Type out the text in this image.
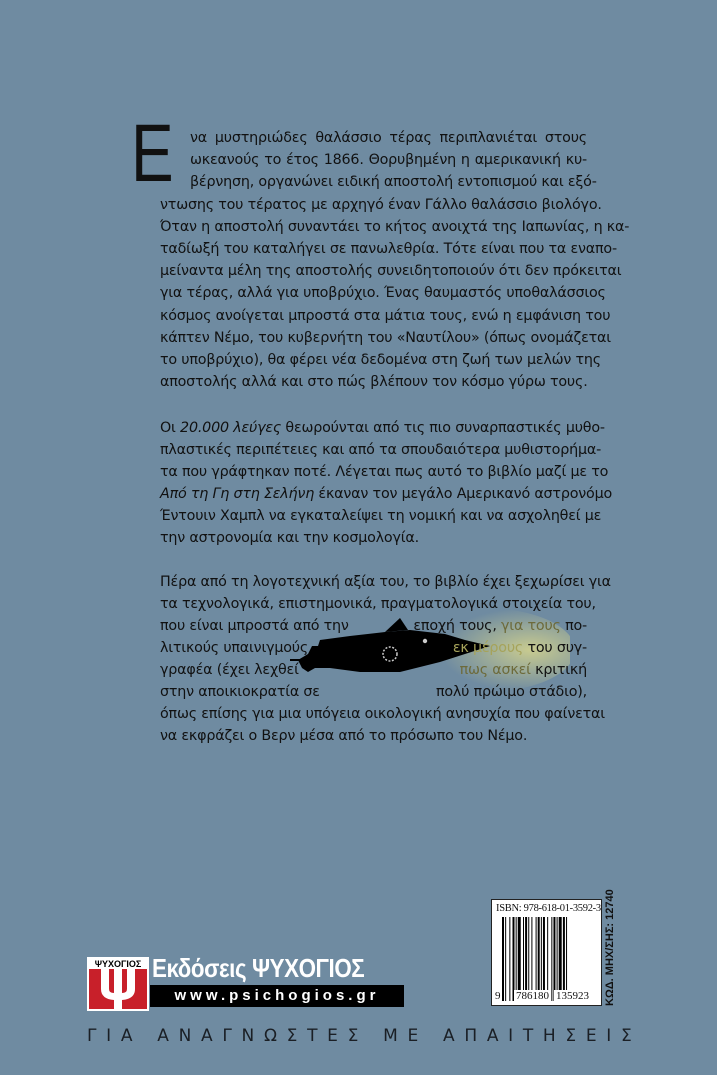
Ε να μυστηριώδες θαλάσσιο τέρας περιπλανιέται στους
ωκεανούς το έτος 1866. Θορυβημένη η αμερικανική κυ-
βέρνηση, οργανώνει ειδική αποστολή εντοπισμού και εξό-
ντωσης του τέρατος με αρχηγό έναν Γάλλο θαλάσσιο βιολόγο.
Όταν η αποστολή συναντάει το κήτος ανοιχτά της Ιαπωνίας, η κα-
ταδίωξή του καταλήγει σε πανωλεθρία. Τότε είναι που τα εναπο-
μείναντα μέλη της αποστολής συνειδητοποιούν ότι δεν πρόκειται
για τέρας, αλλά για υποβρύχιο. Ένας θαυμαστός υποθαλάσσιος
κόσμος ανοίγεται μπροστά στα μάτια τους, ενώ η εμφάνιση του
κάπτεν Νέμο, του κυβερνήτη του «Ναυτίλου» (όπως ονομάζεται
το υποβρύχιο), θα φέρει νέα δεδομένα στη ζωή των μελών της
αποστολής αλλά και στο πώς βλέπουν τον κόσμο γύρω τους.
Οι 20.000 λεύγες θεωρούνται από τις πιο συναρπαστικές μυθο-
πλαστικές περιπέτειες και από τα σπουδαιότερα μυθιστορήμα-
τα που γράφτηκαν ποτέ. Λέγεται πως αυτό το βιβλίο μαζί με το
Από τη Γη στη Σελήνη έκαναν τον μεγάλο Αμερικανό αστρονόμο
Έντουιν Χαμπλ να εγκαταλείψει τη νομική και να ασχοληθεί με
την αστρονομία και την κοσμολογία.
Πέρα από τη λογοτεχνική αξία του, το βιβλίο έχει ξεχωρίσει για
τα τεχνολογικά, επιστημονικά, πραγματολογικά στοιχεία του,
που είναι μπροστά από την	εποχή τους, για τους πο-
λιτικούς υπαινιγμούς	εκ μέρους του συγ-
γραφέα (έχει λεχθεί	πως ασκεί κριτική
στην αποικιοκρατία σε	πολύ πρώιμο στάδιο),
όπως επίσης για μια υπόγεια οικολογική ανησυχία που φαίνεται
να εκφράζει ο Βερν μέσα από το πρόσωπο του Νέμο.
ΨΥΧΟΓΙΟΣ Εκδόσεις ΨΥΧΟΓΙΟΣ
www.psichogios.gr
ISBN: 978-618-01-3592-3
9 786180 135923 ΚΩΔ. ΜΗΧ/ΣΗΣ: 12740
Γ Ι Α
Α Ν Α Γ Ν Ω Σ Τ Ε Σ
Μ Ε
Α Π Α Ι Τ Η Σ Ε Ι Σ
